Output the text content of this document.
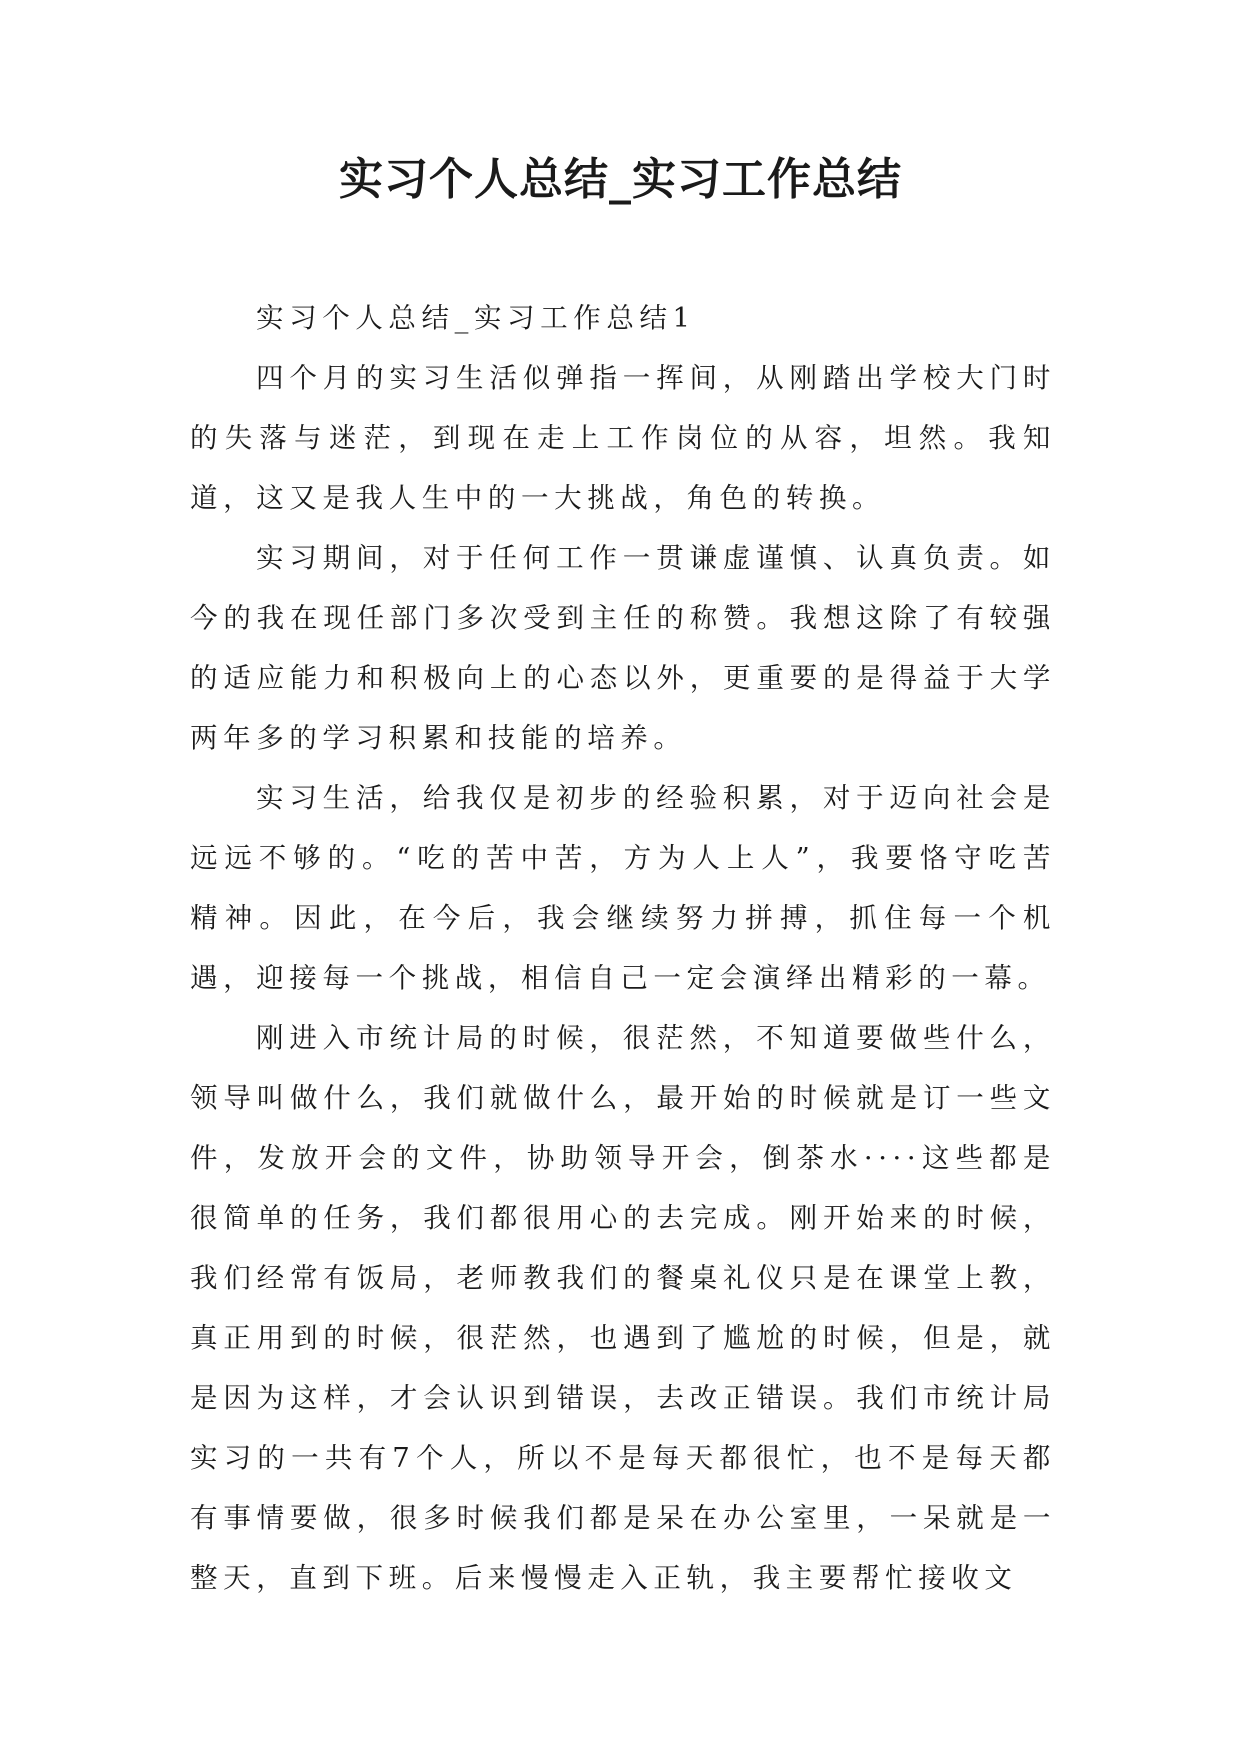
实习个人总结_实习工作总结

实习个人总结_实习工作总结1

四个月的实习生活似弹指一挥间，从刚踏出学校大门时的失落与迷茫，到现在走上工作岗位的从容，坦然。我知道，这又是我人生中的一大挑战，角色的转换。

实习期间，对于任何工作一贯谦虚谨慎、认真负责。如今的我在现任部门多次受到主任的称赞。我想这除了有较强的适应能力和积极向上的心态以外，更重要的是得益于大学两年多的学习积累和技能的培养。

实习生活，给我仅是初步的经验积累，对于迈向社会是远远不够的。“吃的苦中苦，方为人上人”，我要恪守吃苦精神。因此，在今后，我会继续努力拼搏，抓住每一个机遇，迎接每一个挑战，相信自己一定会演绎出精彩的一幕。

刚进入市统计局的时候，很茫然，不知道要做些什么，领导叫做什么，我们就做什么，最开始的时候就是订一些文件，发放开会的文件，协助领导开会，倒茶水····这些都是很简单的任务，我们都很用心的去完成。刚开始来的时候，我们经常有饭局，老师教我们的餐桌礼仪只是在课堂上教，真正用到的时候，很茫然，也遇到了尴尬的时候，但是，就是因为这样，才会认识到错误，去改正错误。我们市统计局实习的一共有7个人，所以不是每天都很忙，也不是每天都有事情要做，很多时候我们都是呆在办公室里，一呆就是一整天，直到下班。后来慢慢走入正轨，我主要帮忙接收文
